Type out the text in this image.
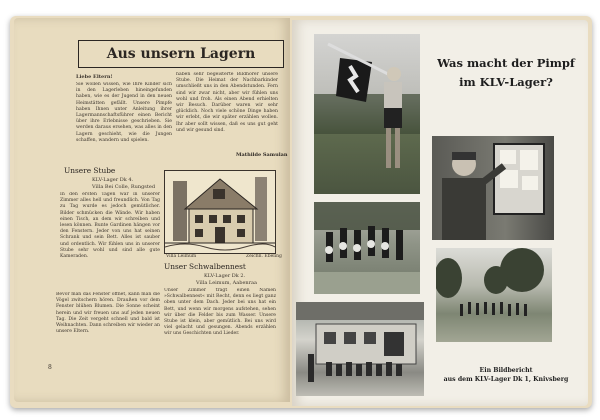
Aus unsern Lagern
Liebe Eltern!
Sie wollen wissen, wie Ihre Kinder sich in den Lagerleben hineingefunden haben, wie es der Jugend in den neuen Heimstätten gefällt. Unsere Pimpfe haben Ihnen unter Anleitung ihrer Lagermannschaftsführer einen Bericht über ihre Erlebnisse geschrieben. Sie werden daraus ersehen, was alles in den Lagern geschieht, wie die Jungen schaffen, wandern und spielen.
haben sehr begeisterte Bildhörer unsere Stube. Die Heimat der Nachbarkinder umschließt uns in den Abendstunden. Fern sind wir zwar nicht, aber wir fühlen uns wohl und froh. Als einen Abend erhielten wir Besuch. Darüber waren wir sehr glücklich. Noch viele schöne Dinge haben wir erlebt, die wir später erzählen wollen. Ihr aber sollt wissen, daß es uns gut geht und wir gesund sind.
Mathilde Samulan
Unsere Stube
KLV-Lager Dk 4.
Villa Bei Colle, Rungsted
In den ersten Tagen war in unserer Zimmer alles hell und freundlich. Von Tag zu Tag wurde es jedoch gemütlicher. Bilder schmücken die Wände. Wir haben einen Tisch, an dem wir schreiben und lesen können. Bunte Gardinen hängen vor den Fenstern. Jeder von uns hat seinen Schrank und sein Bett. Alles ist sauber und ordentlich. Wir fühlen uns in unserer Stube sehr wohl und sind alle gute Kameraden.	Villa Leimum	Zeichn. Ebeling
Unser Schwalbennest
KLV-Lager Dk 2.
Villa Leimum, Aabenraa
Unser Zimmer trägt einen Namen »Schwalbennest« mit Recht, denn es liegt ganz oben unter dem Dach. Jeder bei uns hat ein Bett, und wenn wir morgens aufstehen, sehen wir über die Felder bis zum Wasser. Unsere Stube ist klein, aber gemütlich. Bei uns wird viel gelacht und gesungen. Abends erzählen wir uns Geschichten und Lieder.
Bevor man das Fenster öffnet, kann man die Vögel zwitschern hören. Draußen vor dem Fenster blühen Blumen. Die Sonne scheint herein und wir freuen uns auf jeden neuen Tag. Die Zeit vergeht schnell und bald ist Weihnachten. Dann schreiben wir wieder an unsere Eltern.
8
Was macht der Pimpf
im KLV-Lager?
Ein Bildbericht
aus dem KLV-Lager Dk 1, Knivsberg
